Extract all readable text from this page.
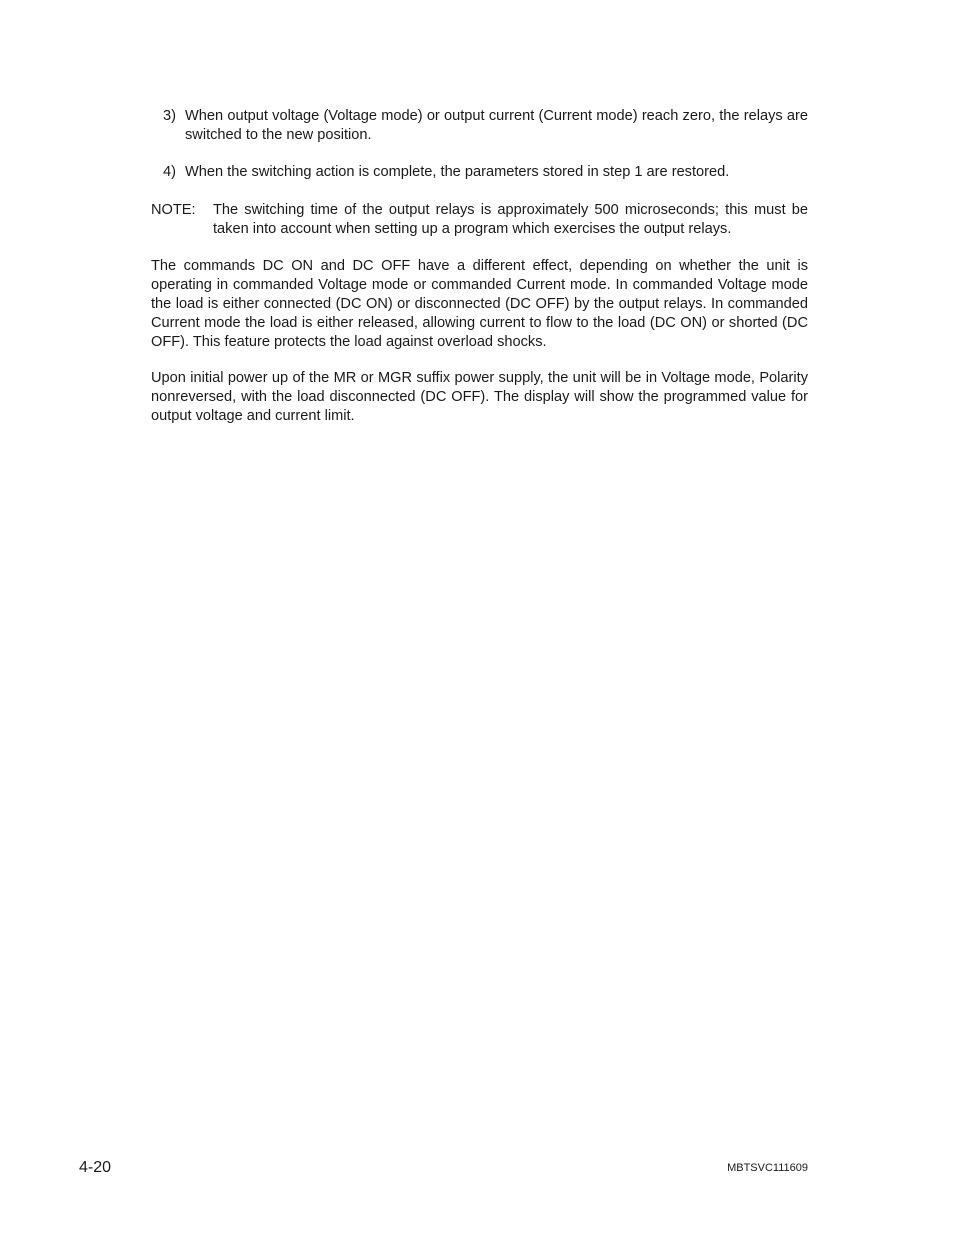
3) When output voltage (Voltage mode) or output current (Current mode) reach zero, the relays are switched to the new position.
4) When the switching action is complete, the parameters stored in step 1 are restored.
NOTE:	The switching time of the output relays is approximately 500 microseconds; this must be taken into account when setting up a program which exercises the output relays.

The commands DC ON and DC OFF have a different effect, depending on whether the unit is operating in commanded Voltage mode or commanded Current mode. In commanded Voltage mode the load is either connected (DC ON) or disconnected (DC OFF) by the output relays. In commanded Current mode the load is either released, allowing current to flow to the load (DC ON) or shorted (DC OFF). This feature protects the load against overload shocks.

Upon initial power up of the MR or MGR suffix power supply, the unit will be in Voltage mode, Polarity nonreversed, with the load disconnected (DC OFF). The display will show the programmed value for output voltage and current limit.

4-20	MBTSVC111609
